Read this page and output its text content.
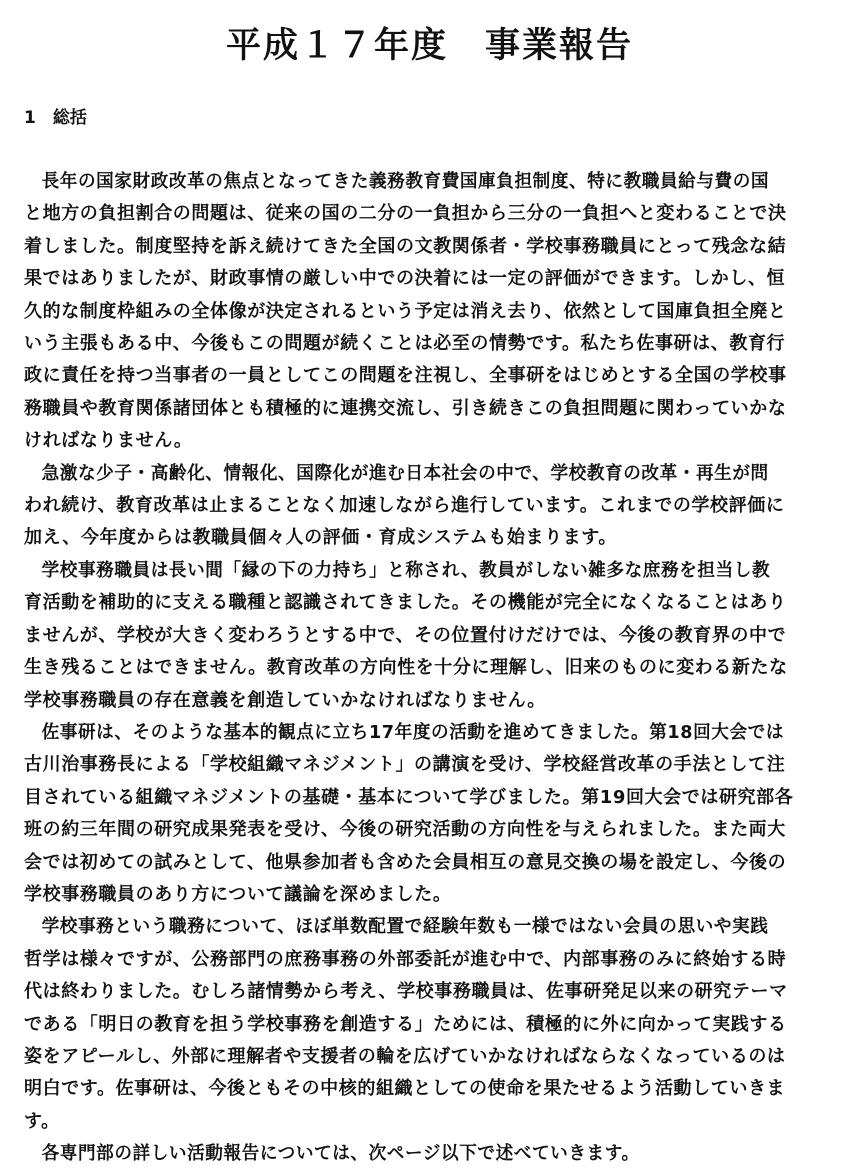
平成１７年度　事業報告
1　総括

長年の国家財政改革の焦点となってきた義務教育費国庫負担制度、特に教職員給与費の国
と地方の負担割合の問題は、従来の国の二分の一負担から三分の一負担へと変わることで決
着しました。制度堅持を訴え続けてきた全国の文教関係者・学校事務職員にとって残念な結
果ではありましたが、財政事情の厳しい中での決着には一定の評価ができます。しかし、恒
久的な制度枠組みの全体像が決定されるという予定は消え去り、依然として国庫負担全廃と
いう主張もある中、今後もこの問題が続くことは必至の情勢です。私たち佐事研は、教育行
政に責任を持つ当事者の一員としてこの問題を注視し、全事研をはじめとする全国の学校事
務職員や教育関係諸団体とも積極的に連携交流し、引き続きこの負担問題に関わっていかな
ければなりません。

急激な少子・高齢化、情報化、国際化が進む日本社会の中で、学校教育の改革・再生が問
われ続け、教育改革は止まることなく加速しながら進行しています。これまでの学校評価に
加え、今年度からは教職員個々人の評価・育成システムも始まります。

学校事務職員は長い間「縁の下の力持ち」と称され、教員がしない雑多な庶務を担当し教
育活動を補助的に支える職種と認識されてきました。その機能が完全になくなることはあり
ませんが、学校が大きく変わろうとする中で、その位置付けだけでは、今後の教育界の中で
生き残ることはできません。教育改革の方向性を十分に理解し、旧来のものに変わる新たな
学校事務職員の存在意義を創造していかなければなりません。

佐事研は、そのような基本的観点に立ち17年度の活動を進めてきました。第18回大会では
古川治事務長による「学校組織マネジメント」の講演を受け、学校経営改革の手法として注
目されている組織マネジメントの基礎・基本について学びました。第19回大会では研究部各
班の約三年間の研究成果発表を受け、今後の研究活動の方向性を与えられました。また両大
会では初めての試みとして、他県参加者も含めた会員相互の意見交換の場を設定し、今後の
学校事務職員のあり方について議論を深めました。

学校事務という職務について、ほぼ単数配置で経験年数も一様ではない会員の思いや実践
哲学は様々ですが、公務部門の庶務事務の外部委託が進む中で、内部事務のみに終始する時
代は終わりました。むしろ諸情勢から考え、学校事務職員は、佐事研発足以来の研究テーマ
である「明日の教育を担う学校事務を創造する」ためには、積極的に外に向かって実践する
姿をアピールし、外部に理解者や支援者の輪を広げていかなければならなくなっているのは
明白です。佐事研は、今後ともその中核的組織としての使命を果たせるよう活動していきま
す。

各専門部の詳しい活動報告については、次ページ以下で述べていきます。
